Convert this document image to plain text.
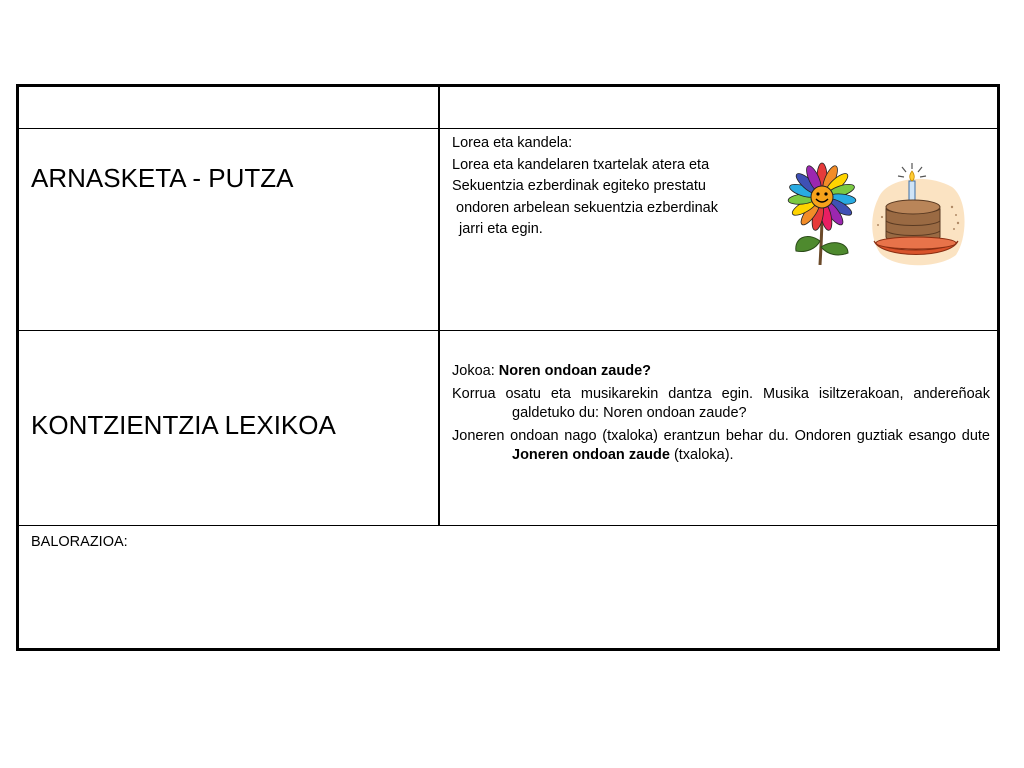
ARNASKETA - PUTZA
Lorea eta kandela:
Lorea eta kandelaren txartelak atera eta
Sekuentzia ezberdinak egiteko prestatu
ondoren arbelean sekuentzia ezberdinak
jarri eta egin.
KONTZIENTZIA LEXIKOA
Jokoa: Noren ondoan zaude?
Korrua osatu eta musikarekin dantza egin. Musika isiltzerakoan, andereñoak galdetuko du: Noren ondoan zaude?
Joneren ondoan nago (txaloka) erantzun behar du. Ondoren guztiak esango dute Joneren ondoan zaude (txaloka).
BALORAZIOA:
